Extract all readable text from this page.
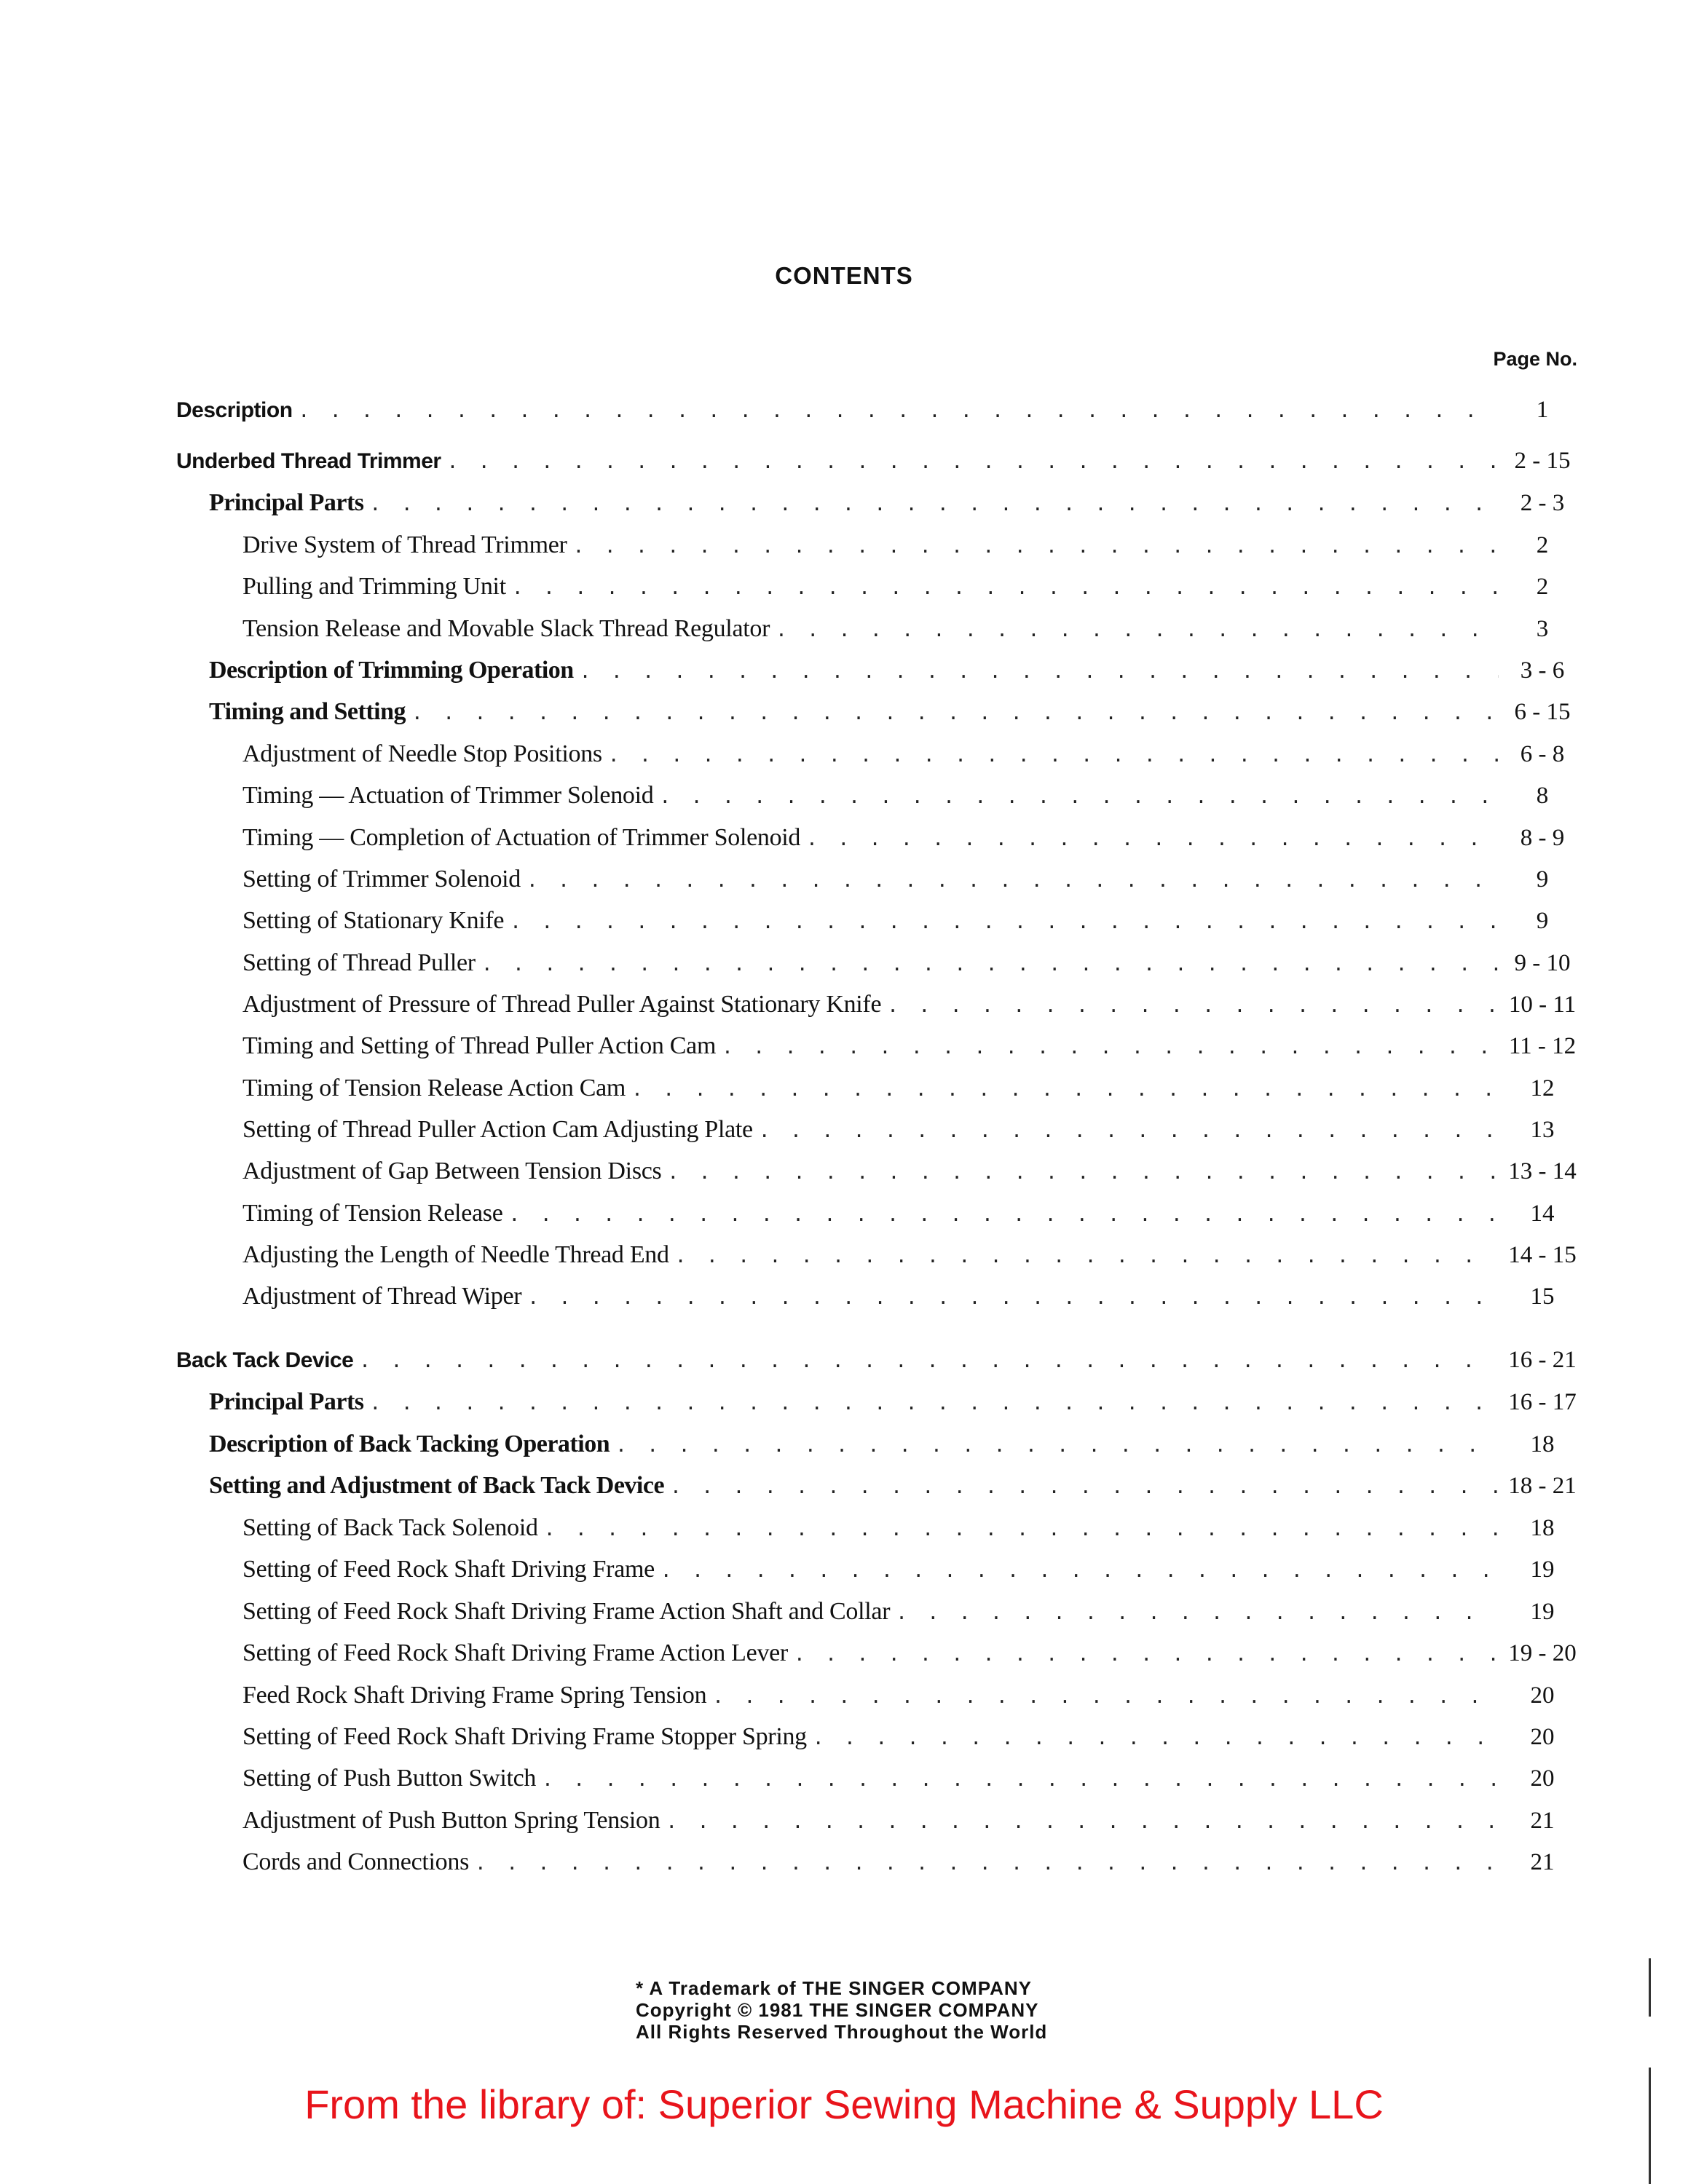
CONTENTS
Page No.
Description . . .	1
Underbed Thread Trimmer . . .	2 - 15
Principal Parts . . .	2 - 3
Drive System of Thread Trimmer . . .	2
Pulling and Trimming Unit . . .	2
Tension Release and Movable Slack Thread Regulator . . .	3
Description of Trimming Operation . . .	3 - 6
Timing and Setting . . .	6 - 15
Adjustment of Needle Stop Positions . . .	6 - 8
Timing — Actuation of Trimmer Solenoid . . .	8
Timing — Completion of Actuation of Trimmer Solenoid . . .	8 - 9
Setting of Trimmer Solenoid . . .	9
Setting of Stationary Knife . . .	9
Setting of Thread Puller . . .	9 - 10
Adjustment of Pressure of Thread Puller Against Stationary Knife . . .	10 - 11
Timing and Setting of Thread Puller Action Cam . . .	11 - 12
Timing of Tension Release Action Cam . . .	12
Setting of Thread Puller Action Cam Adjusting Plate . . .	13
Adjustment of Gap Between Tension Discs . . .	13 - 14
Timing of Tension Release . . .	14
Adjusting the Length of Needle Thread End . . .	14 - 15
Adjustment of Thread Wiper . . .	15
Back Tack Device . . .	16 - 21
Principal Parts . . .	16 - 17
Description of Back Tacking Operation . . .	18
Setting and Adjustment of Back Tack Device . . .	18 - 21
Setting of Back Tack Solenoid . . .	18
Setting of Feed Rock Shaft Driving Frame . . .	19
Setting of Feed Rock Shaft Driving Frame Action Shaft and Collar . . .	19
Setting of Feed Rock Shaft Driving Frame Action Lever . . .	19 - 20
Feed Rock Shaft Driving Frame Spring Tension . . .	20
Setting of Feed Rock Shaft Driving Frame Stopper Spring . . .	20
Setting of Push Button Switch . . .	20
Adjustment of Push Button Spring Tension . . .	21
Cords and Connections . . .	21
* A Trademark of THE SINGER COMPANY
Copyright © 1981 THE SINGER COMPANY
All Rights Reserved Throughout the World
From the library of: Superior Sewing Machine & Supply LLC
